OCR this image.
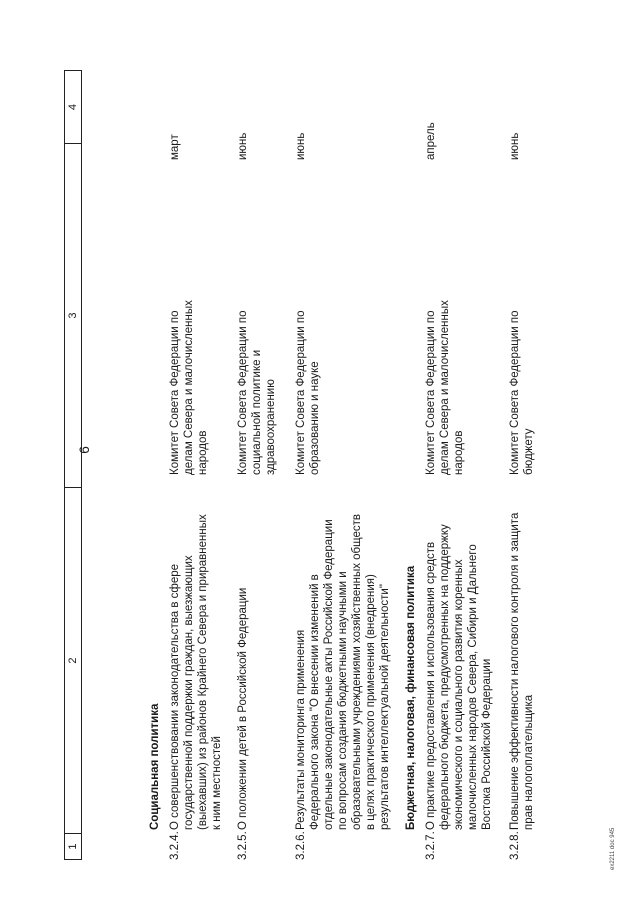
6
1
2
3
4
Социальная политика
3.2.4.
О совершенствовании законодательства в сфере государственной поддержки граждан, выезжающих (выехавших) из районов Крайнего Севера и приравненных к ним местностей
Комитет Совета Федерации по делам Севера и малочисленных народов
март
3.2.5.
О положении детей в Российской Федерации
Комитет Совета Федерации по социальной политике и здравоохранению
июнь
3.2.6.
Результаты мониторинга применения Федерального закона "О внесении изменений в отдельные законодательные акты Российской Федерации по вопросам создания бюджетными научными и образовательными учреждениями хозяйственных обществ в целях практического применения (внедрения) результатов интеллектуальной деятельности"
Комитет Совета Федерации по образованию и науке
июнь
Бюджетная, налоговая, финансовая политика
3.2.7.
О практике предоставления и использования средств федерального бюджета, предусмотренных на поддержку экономического и социального развития коренных малочисленных народов Севера, Сибири и Дальнего Востока Российской Федерации
Комитет Совета Федерации по делам Севера и малочисленных народов
апрель
3.2.8.
Повышение эффективности налогового контроля и защита прав налогоплательщика
Комитет Совета Федерации по бюджету
июнь
ex2211 doc 945
